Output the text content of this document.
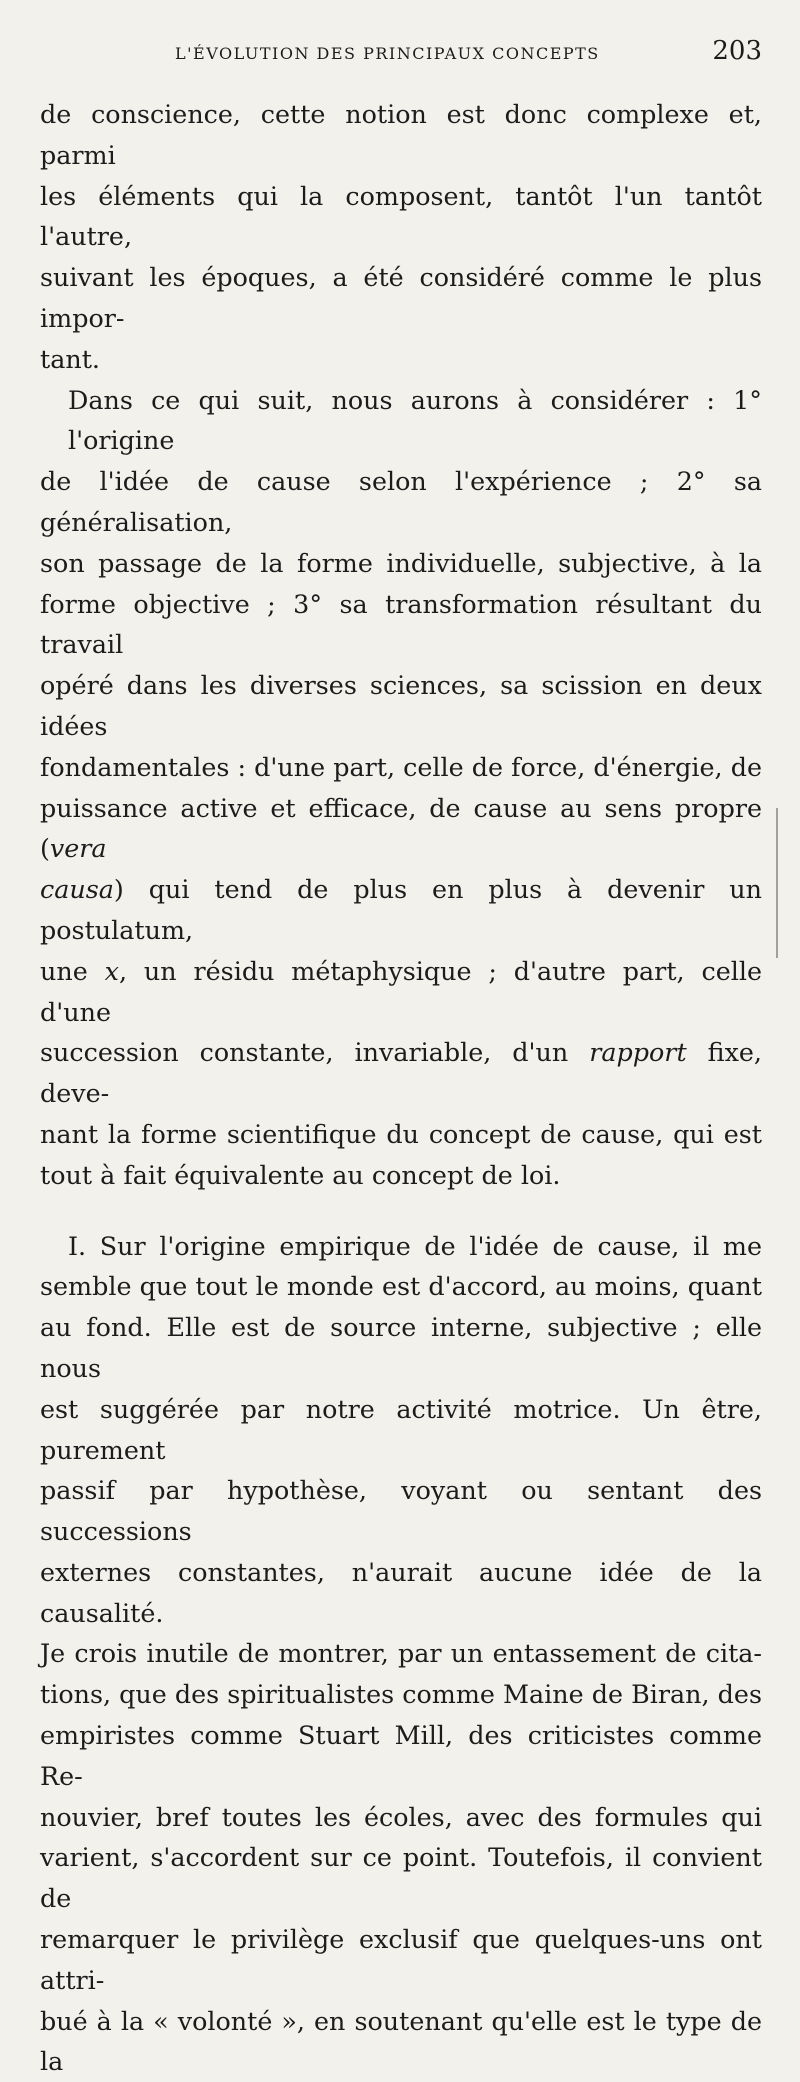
L'ÉVOLUTION DES PRINCIPAUX CONCEPTS	203

de conscience, cette notion est donc complexe et, parmi
les éléments qui la composent, tantôt l'un tantôt l'autre,
suivant les époques, a été considéré comme le plus impor-
tant.

Dans ce qui suit, nous aurons à considérer : 1° l'origine
de l'idée de cause selon l'expérience ; 2° sa généralisation,
son passage de la forme individuelle, subjective, à la
forme objective ; 3° sa transformation résultant du travail
opéré dans les diverses sciences, sa scission en deux idées
fondamentales : d'une part, celle de force, d'énergie, de
puissance active et efficace, de cause au sens propre (vera
causa) qui tend de plus en plus à devenir un postulatum,
une x, un résidu métaphysique ; d'autre part, celle d'une
succession constante, invariable, d'un rapport fixe, deve-
nant la forme scientifique du concept de cause, qui est
tout à fait équivalente au concept de loi.

I. Sur l'origine empirique de l'idée de cause, il me
semble que tout le monde est d'accord, au moins, quant
au fond. Elle est de source interne, subjective ; elle nous
est suggérée par notre activité motrice. Un être, purement
passif par hypothèse, voyant ou sentant des successions
externes constantes, n'aurait aucune idée de la causalité.
Je crois inutile de montrer, par un entassement de cita-
tions, que des spiritualistes comme Maine de Biran, des
empiristes comme Stuart Mill, des criticistes comme Re-
nouvier, bref toutes les écoles, avec des formules qui
varient, s'accordent sur ce point. Toutefois, il convient de
remarquer le privilège exclusif que quelques-uns ont attri-
bué à la « volonté », en soutenant qu'elle est le type de la
